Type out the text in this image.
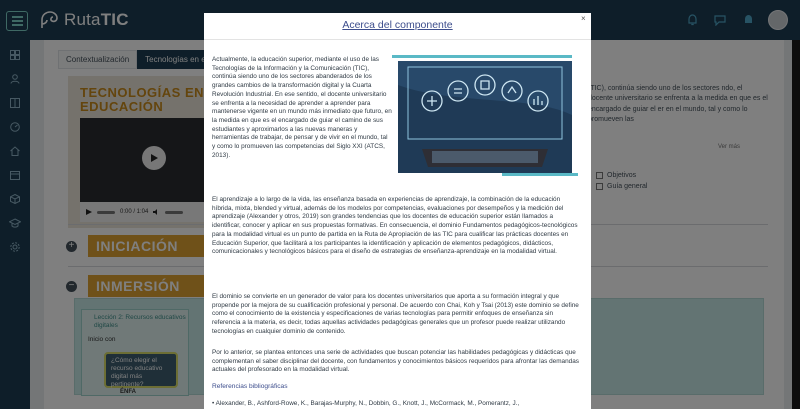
Acerca del componente
×
Actualmente, la educación superior, mediante el uso de las Tecnologías de la Información y la Comunicación (TIC), continúa siendo uno de los sectores abanderados de los grandes cambios de la transformación digital y la Cuarta Revolución Industrial. En ese sentido, el docente universitario se enfrenta a la necesidad de aprender a aprender para mantenerse vigente en un mundo más inmediato que futuro, en la medida en que es el encargado de guiar el camino de sus estudiantes y aproximarlos a las nuevas maneras y herramientas de trabajar, de pensar y de vivir en el mundo, tal y como lo promueven las competencias del Siglo XXI (ATCS, 2013).
El aprendizaje a lo largo de la vida, las enseñanza basada en experiencias de aprendizaje, la combinación de la educación híbrida, mixta, blended y virtual, además de los modelos por competencias, evaluaciones por desempeños y la medición del aprendizaje (Alexander y otros, 2019) son grandes tendencias que los docentes de educación superior están llamados a identificar, conocer y aplicar en sus propuestas formativas. En consecuencia, el dominio Fundamentos pedagógicos-tecnológicos para la modalidad virtual es un punto de partida en la Ruta de Apropiación de las TIC para cualificar las prácticas docentes en Educación Superior, que facilitará a los participantes la identificación y aplicación de elementos pedagógicos, didácticos, comunicacionales y tecnológicos básicos para el diseño de estrategias de enseñanza-aprendizaje en la modalidad virtual.
El dominio se convierte en un generador de valor para los docentes universitarios que aporta a su formación integral y que propende por la mejora de su cualificación profesional y personal. De acuerdo con Chai, Koh y Tsai (2013) este dominio se define como el conocimiento de la existencia y especificaciones de varias tecnologías para permitir enfoques de enseñanza sin referencia a la materia, es decir, todas aquellas actividades pedagógicas generales que un profesor puede realizar utilizando tecnologías en cualquier dominio de contenido.
Por lo anterior, se plantea entonces una serie de actividades que buscan potenciar las habilidades pedagógicas y didácticas que complementan el saber disciplinar del docente, con fundamentos y conocimientos básicos requeridos para afrontar las demandas actuales del profesorado en la modalidad virtual.
Referencias bibliográficas
• Alexander, B., Ashford-Rowe, K., Barajas-Murphy, N., Dobbin, G., Knott, J., McCormack, M., Pomerantz, J.,
